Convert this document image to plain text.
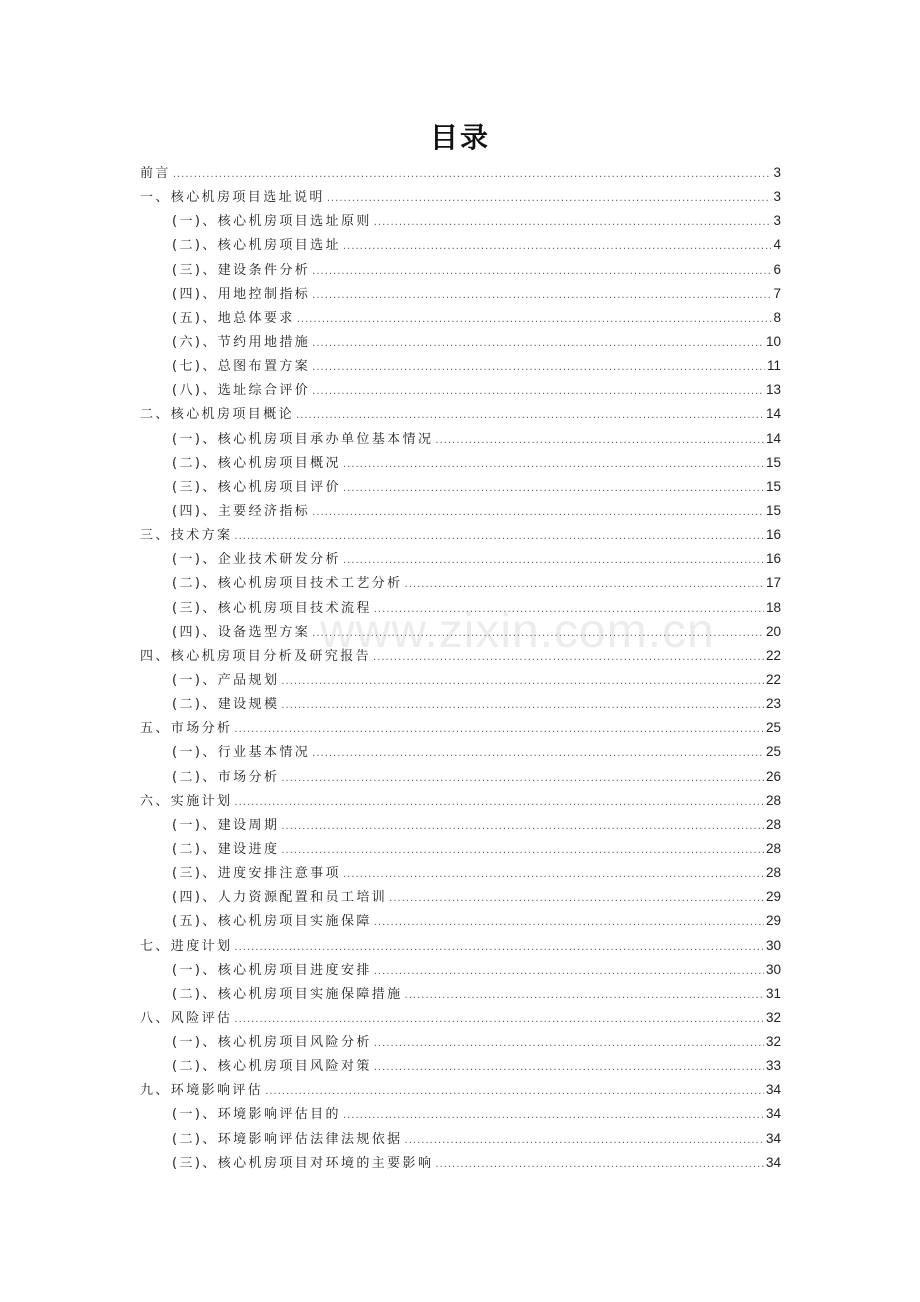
目录
前言 .....	3
一、核心机房项目选址说明 .....	3
(一)、核心机房项目选址原则 .....	3
(二)、核心机房项目选址 .....	4
(三)、建设条件分析 .....	6
(四)、用地控制指标 .....	7
(五)、地总体要求 .....	8
(六)、节约用地措施 .....	10
(七)、总图布置方案 .....	11
(八)、选址综合评价 .....	13
二、核心机房项目概论 .....	14
(一)、核心机房项目承办单位基本情况 .....	14
(二)、核心机房项目概况 .....	15
(三)、核心机房项目评价 .....	15
(四)、主要经济指标 .....	15
三、技术方案 .....	16
(一)、企业技术研发分析 .....	16
(二)、核心机房项目技术工艺分析 .....	17
(三)、核心机房项目技术流程 .....	18
(四)、设备选型方案 .....	20
四、核心机房项目分析及研究报告 .....	22
(一)、产品规划 .....	22
(二)、建设规模 .....	23
五、市场分析 .....	25
(一)、行业基本情况 .....	25
(二)、市场分析 .....	26
六、实施计划 .....	28
(一)、建设周期 .....	28
(二)、建设进度 .....	28
(三)、进度安排注意事项 .....	28
(四)、人力资源配置和员工培训 .....	29
(五)、核心机房项目实施保障 .....	29
七、进度计划 .....	30
(一)、核心机房项目进度安排 .....	30
(二)、核心机房项目实施保障措施 .....	31
八、风险评估 .....	32
(一)、核心机房项目风险分析 .....	32
(二)、核心机房项目风险对策 .....	33
九、环境影响评估 .....	34
(一)、环境影响评估目的 .....	34
(二)、环境影响评估法律法规依据 .....	34
(三)、核心机房项目对环境的主要影响 .....	34
www.zixin.com.cn
